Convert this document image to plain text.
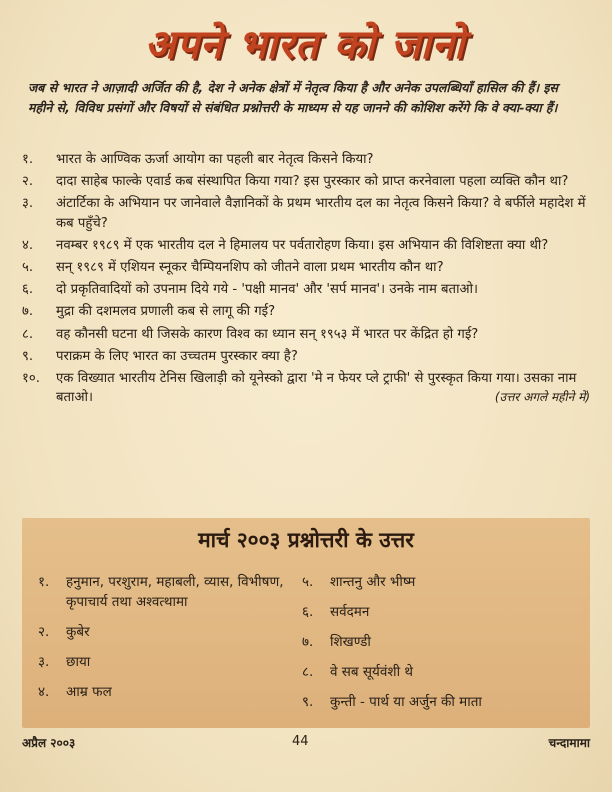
अपने भारत को जानो
जब से भारत ने आज़ादी अर्जित की है, देश ने अनेक क्षेत्रों में नेतृत्व किया है और अनेक उपलब्धियाँ हासिल की हैं। इस महीने से, विविध प्रसंगों और विषयों से संबंधित प्रश्नोत्तरी के माध्यम से यह जानने की कोशिश करेंगे कि वे क्या-क्या हैं।
१.	भारत के आण्विक ऊर्जा आयोग का पहली बार नेतृत्व किसने किया?
२.	दादा साहेब फाल्के एवार्ड कब संस्थापित किया गया? इस पुरस्कार को प्राप्त करनेवाला पहला व्यक्ति कौन था?
३.	अंटार्टिका के अभियान पर जानेवाले वैज्ञानिकों के प्रथम भारतीय दल का नेतृत्व किसने किया? वे बर्फीले महादेश में कब पहुँचे?
४.	नवम्बर १९८९ में एक भारतीय दल ने हिमालय पर पर्वतारोहण किया। इस अभियान की विशिष्टता क्या थी?
५.	सन् १९८९ में एशियन स्नूकर चैम्पियनशिप को जीतने वाला प्रथम भारतीय कौन था?
६.	दो प्रकृतिवादियों को उपनाम दिये गये - 'पक्षी मानव' और 'सर्प मानव'। उनके नाम बताओ।
७.	मुद्रा की दशमलव प्रणाली कब से लागू की गई?
८.	वह कौनसी घटना थी जिसके कारण विश्व का ध्यान सन् १९५३ में भारत पर केंद्रित हो गई?
९.	पराक्रम के लिए भारत का उच्चतम पुरस्कार क्या है?
१०.	एक विख्यात भारतीय टेनिस खिलाड़ी को यूनेस्को द्वारा 'मे न फेयर प्ले ट्राफी' से पुरस्कृत किया गया। उसका नाम बताओ।	(उत्तर अगले महीने में)
मार्च २००३ प्रश्नोत्तरी के उत्तर
१.	हनुमान, परशुराम, महाबली, व्यास, विभीषण, कृपाचार्य तथा अश्वत्थामा
२.	कुबेर
३.	छाया
४.	आम्र फल
५.	शान्तनु और भीष्म
६.	सर्वदमन
७.	शिखण्डी
८.	वे सब सूर्यवंशी थे
९.	कुन्ती - पार्थ या अर्जुन की माता
अप्रैल २००३	44	चन्दामामा
